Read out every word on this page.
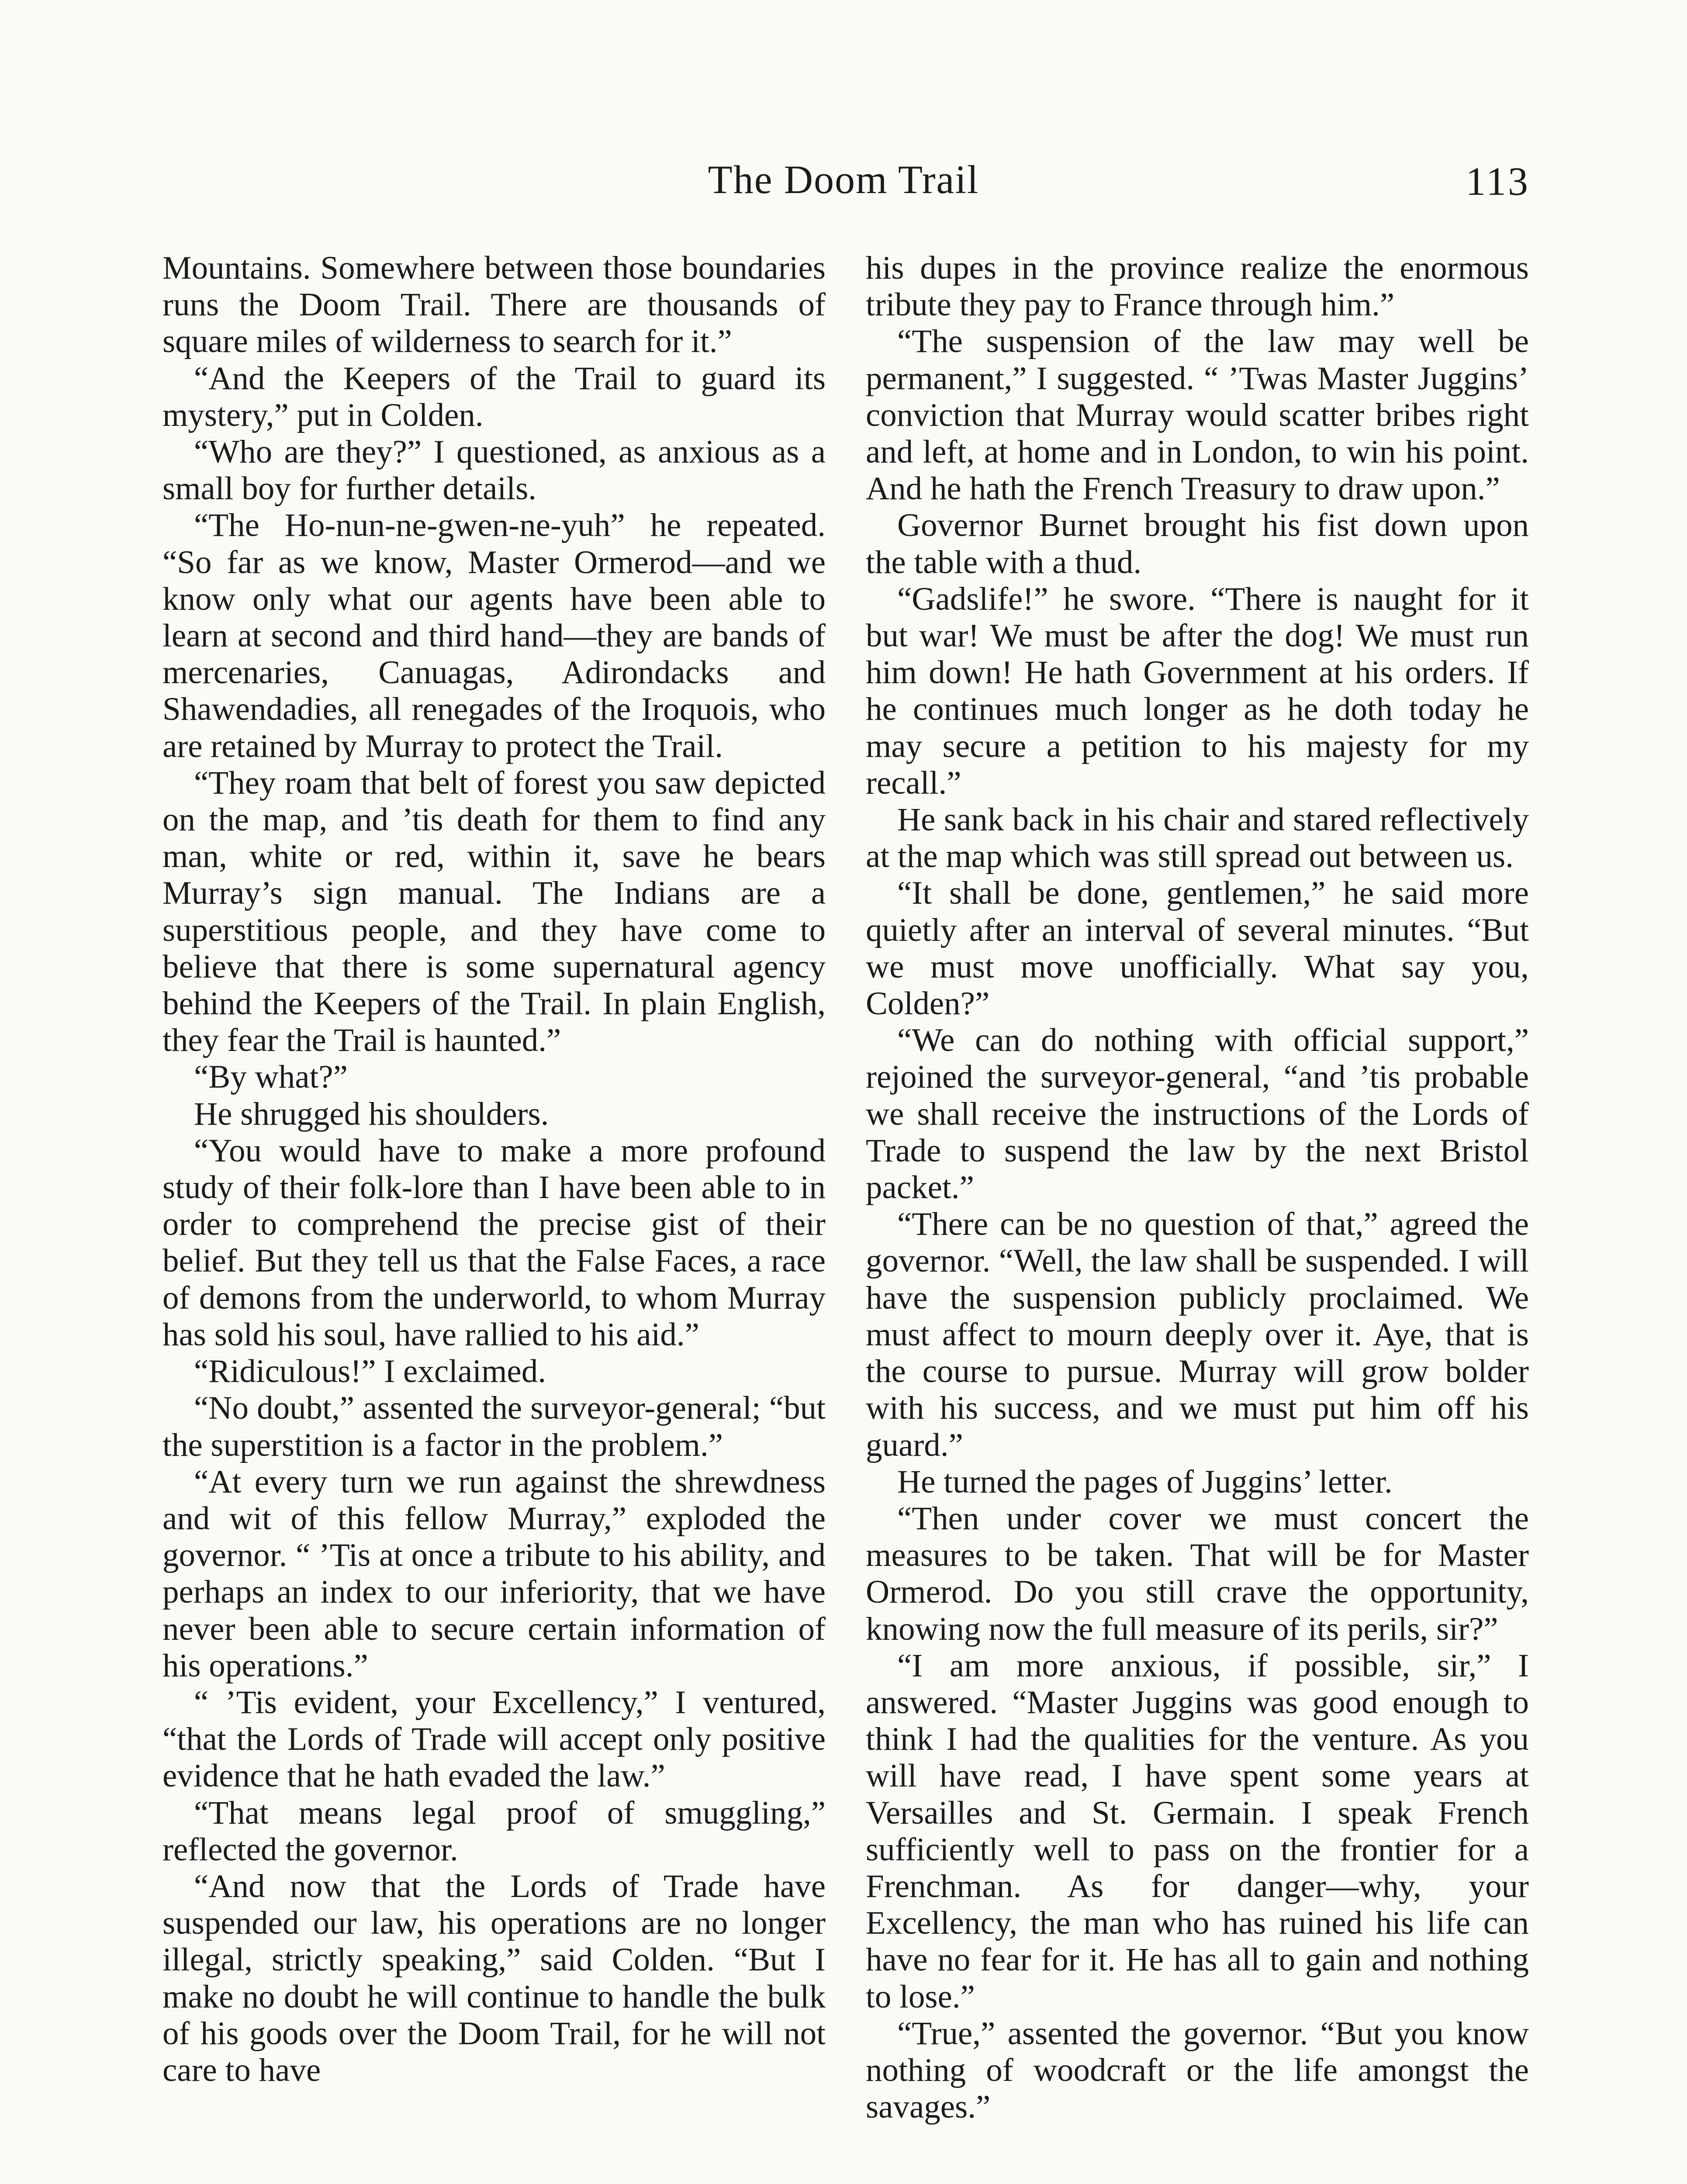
The Doom Trail	113

Mountains. Somewhere between those boundaries runs the Doom Trail. There are thousands of square miles of wilderness to search for it.”

“And the Keepers of the Trail to guard its mystery,” put in Colden.

“Who are they?” I questioned, as anxious as a small boy for further details.

“The Ho-nun-ne-gwen-ne-yuh” he repeated. “So far as we know, Master Ormerod—and we know only what our agents have been able to learn at second and third hand—they are bands of mercenaries, Canuagas, Adirondacks and Shawendadies, all renegades of the Iroquois, who are retained by Murray to protect the Trail.

“They roam that belt of forest you saw depicted on the map, and ’tis death for them to find any man, white or red, within it, save he bears Murray’s sign manual. The Indians are a superstitious people, and they have come to believe that there is some supernatural agency behind the Keepers of the Trail. In plain English, they fear the Trail is haunted.”

“By what?”

He shrugged his shoulders.

“You would have to make a more profound study of their folk-lore than I have been able to in order to comprehend the precise gist of their belief. But they tell us that the False Faces, a race of demons from the underworld, to whom Murray has sold his soul, have rallied to his aid.”

“Ridiculous!” I exclaimed.

“No doubt,” assented the surveyor-general; “but the superstition is a factor in the problem.”

“At every turn we run against the shrewdness and wit of this fellow Murray,” exploded the governor. “ ’Tis at once a tribute to his ability, and perhaps an index to our inferiority, that we have never been able to secure certain information of his operations.”

“ ’Tis evident, your Excellency,” I ventured, “that the Lords of Trade will accept only positive evidence that he hath evaded the law.”

“That means legal proof of smuggling,” reflected the governor.

“And now that the Lords of Trade have suspended our law, his operations are no longer illegal, strictly speaking,” said Colden. “But I make no doubt he will continue to handle the bulk of his goods over the Doom Trail, for he will not care to have

his dupes in the province realize the enormous tribute they pay to France through him.”

“The suspension of the law may well be permanent,” I suggested. “ ’Twas Master Juggins’ conviction that Murray would scatter bribes right and left, at home and in London, to win his point. And he hath the French Treasury to draw upon.”

Governor Burnet brought his fist down upon the table with a thud.

“Gadslife!” he swore. “There is naught for it but war! We must be after the dog! We must run him down! He hath Government at his orders. If he continues much longer as he doth today he may secure a petition to his majesty for my recall.”

He sank back in his chair and stared reflectively at the map which was still spread out between us.

“It shall be done, gentlemen,” he said more quietly after an interval of several minutes. “But we must move unofficially. What say you, Colden?”

“We can do nothing with official support,” rejoined the surveyor-general, “and ’tis probable we shall receive the instructions of the Lords of Trade to suspend the law by the next Bristol packet.”

“There can be no question of that,” agreed the governor. “Well, the law shall be suspended. I will have the suspension publicly proclaimed. We must affect to mourn deeply over it. Aye, that is the course to pursue. Murray will grow bolder with his success, and we must put him off his guard.”

He turned the pages of Juggins’ letter.

“Then under cover we must concert the measures to be taken. That will be for Master Ormerod. Do you still crave the opportunity, knowing now the full measure of its perils, sir?”

“I am more anxious, if possible, sir,” I answered. “Master Juggins was good enough to think I had the qualities for the venture. As you will have read, I have spent some years at Versailles and St. Germain. I speak French sufficiently well to pass on the frontier for a Frenchman. As for danger—why, your Excellency, the man who has ruined his life can have no fear for it. He has all to gain and nothing to lose.”

“True,” assented the governor. “But you know nothing of woodcraft or the life amongst the savages.”
